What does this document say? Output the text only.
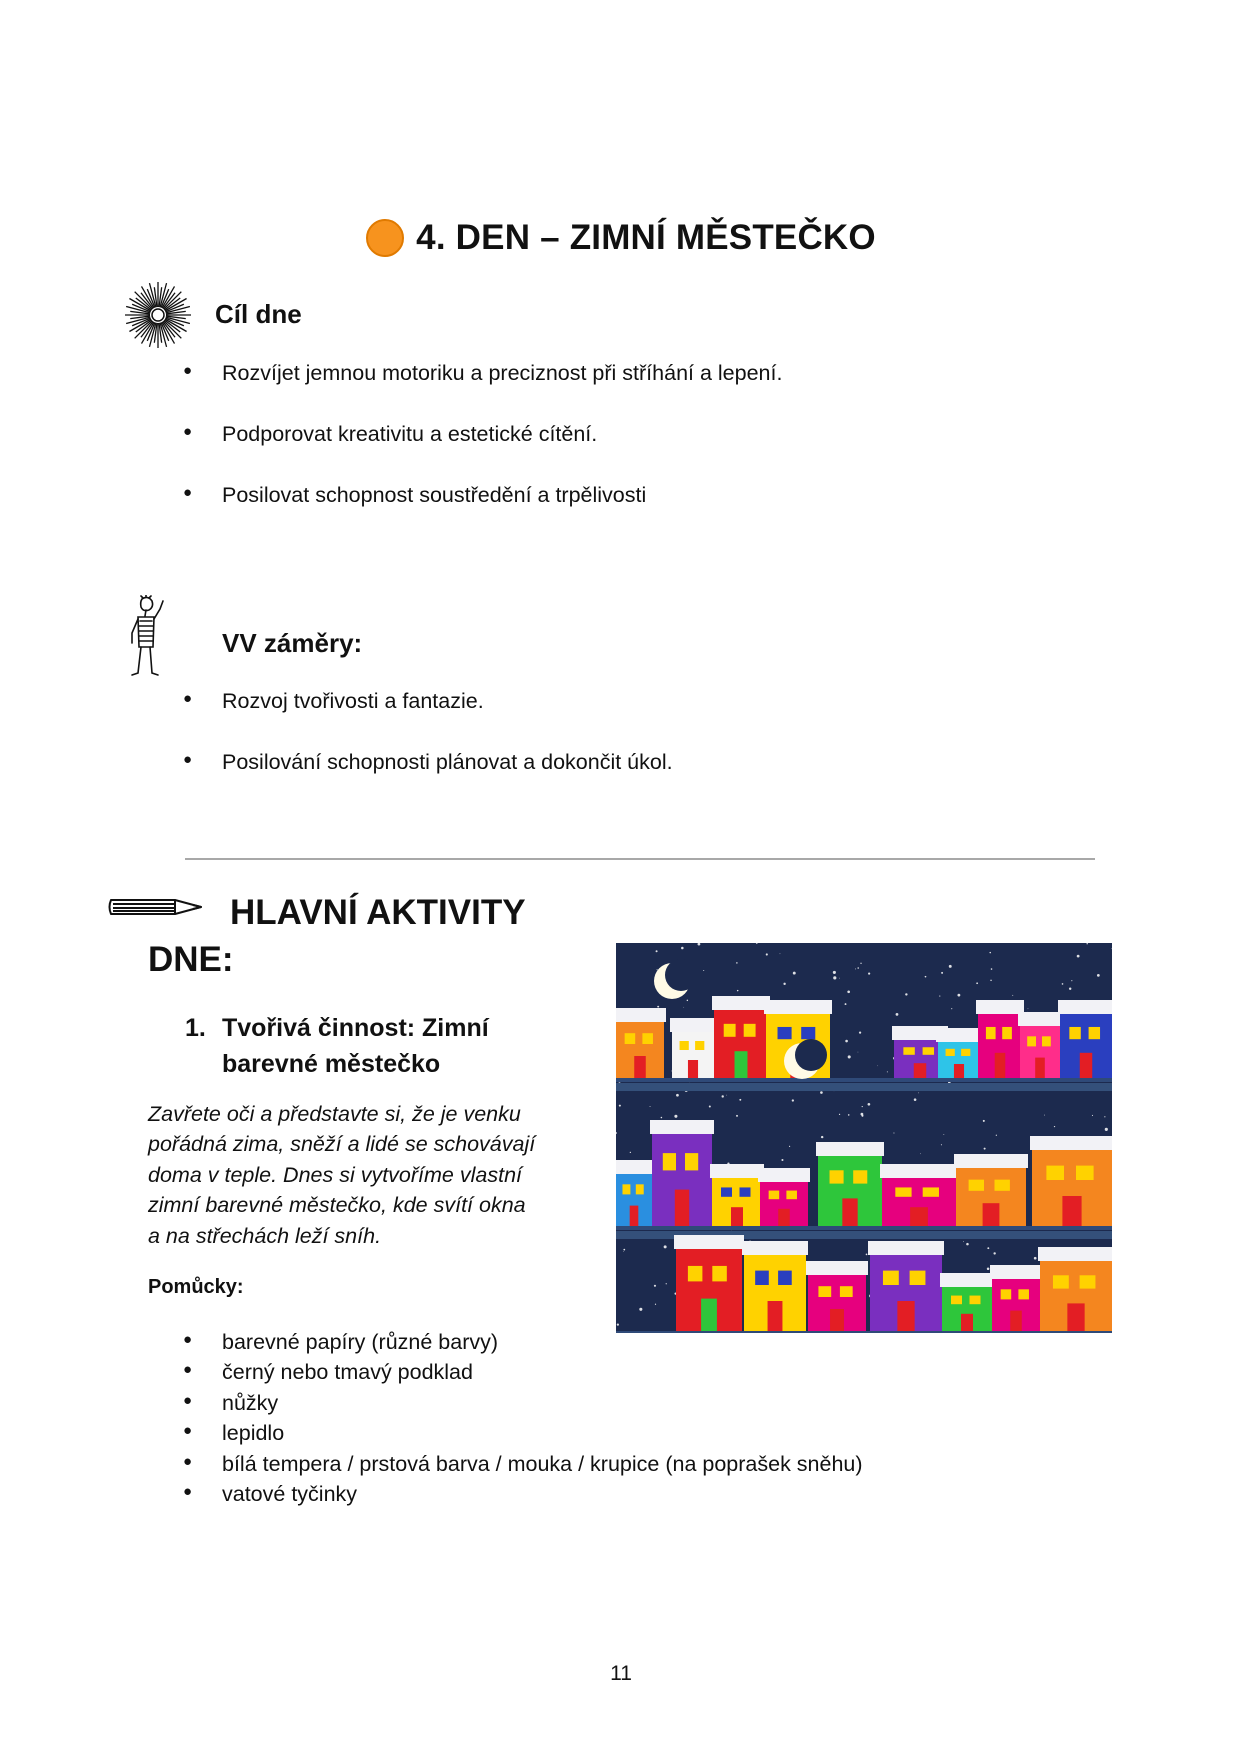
4. DEN – ZIMNÍ MĚSTEČKO
Cíl dne
● Rozvíjet jemnou motoriku a preciznost při stříhání a lepení.
● Podporovat kreativitu a estetické cítění.
● Posilovat schopnost soustředění a trpělivosti
VV záměry:
● Rozvoj tvořivosti a fantazie.
● Posilování schopnosti plánovat a dokončit úkol.
HLAVNÍ AKTIVITY
DNE:
1. Tvořivá činnost: Zimní
barevné městečko
Zavřete oči a představte si, že je venku
pořádná zima, sněží a lidé se schovávají
doma v teple. Dnes si vytvoříme vlastní
zimní barevné městečko, kde svítí okna
a na střechách leží sníh.
Pomůcky:
● barevné papíry (různé barvy)
● černý nebo tmavý podklad
● nůžky
● lepidlo
● bílá tempera / prstová barva / mouka / krupice (na poprašek sněhu)
● vatové tyčinky
11
